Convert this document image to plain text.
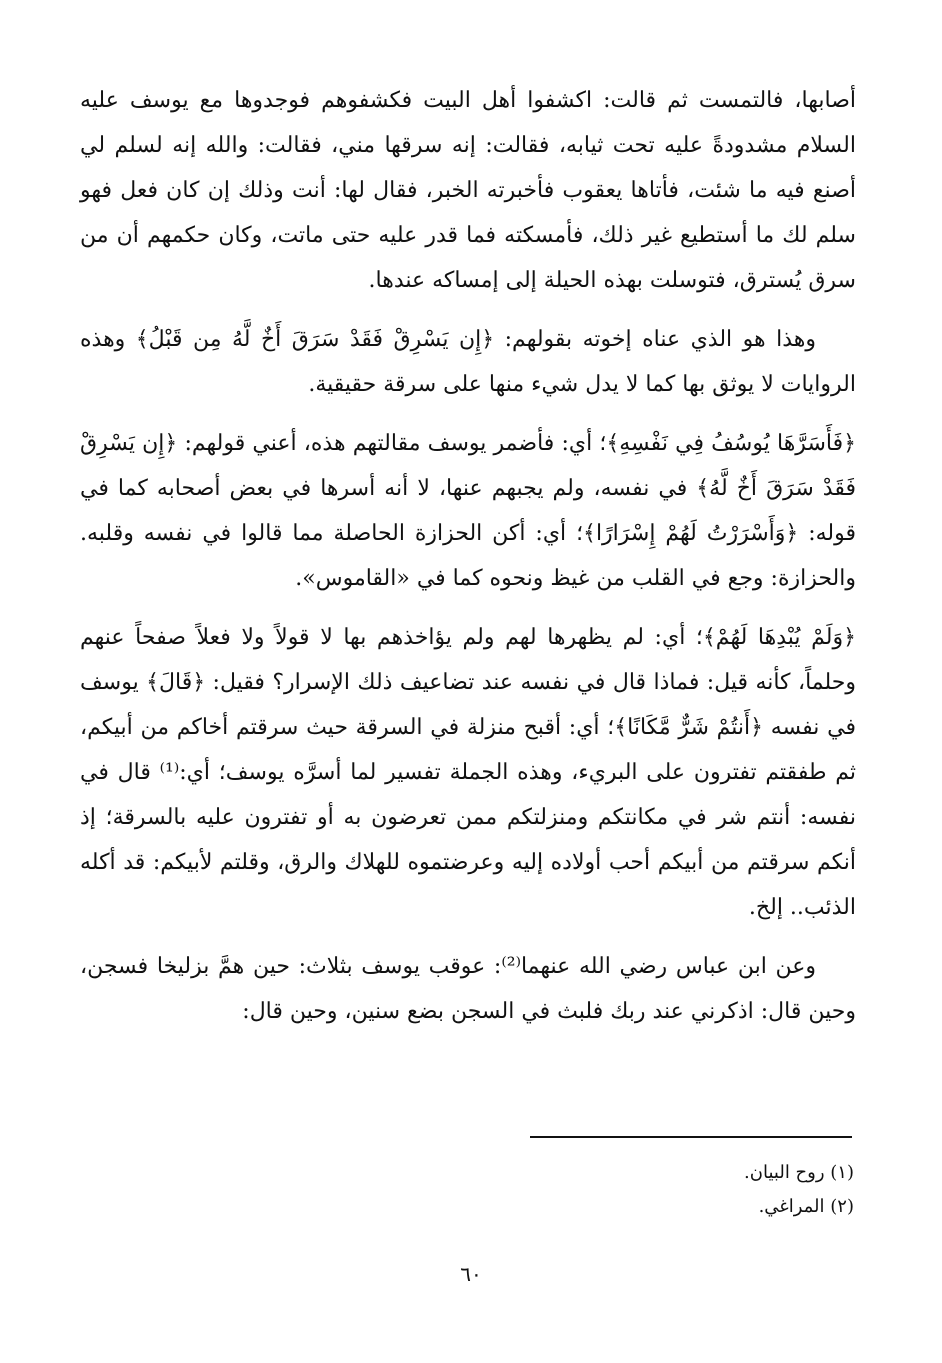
أصابها، فالتمست ثم قالت: اكشفوا أهل البيت فكشفوهم فوجدوها مع يوسف عليه السلام مشدودةً عليه تحت ثيابه، فقالت: إنه سرقها مني، فقالت: والله إنه لسلم لي أصنع فيه ما شئت، فأتاها يعقوب فأخبرته الخبر، فقال لها: أنت وذلك إن كان فعل فهو سلم لك ما أستطيع غير ذلك، فأمسكته فما قدر عليه حتى ماتت، وكان حكمهم أن من سرق يُسترق، فتوسلت بهذه الحيلة إلى إمساكه عندها.

وهذا هو الذي عناه إخوته بقولهم: ﴿إِن يَسْرِقْ فَقَدْ سَرَقَ أَخٌ لَّهُ مِن قَبْلُ﴾ وهذه الروايات لا يوثق بها كما لا يدل شيء منها على سرقة حقيقية.

﴿فَأَسَرَّهَا يُوسُفُ فِي نَفْسِهِ﴾؛ أي: فأضمر يوسف مقالتهم هذه، أعني قولهم: ﴿إِن يَسْرِقْ فَقَدْ سَرَقَ أَخٌ لَّهُ﴾ في نفسه، ولم يجبهم عنها، لا أنه أسرها في بعض أصحابه كما في قوله: ﴿وَأَسْرَرْتُ لَهُمْ إِسْرَارًا﴾؛ أي: أكن الحزازة الحاصلة مما قالوا في نفسه وقلبه. والحزازة: وجع في القلب من غيظ ونحوه كما في «القاموس».

﴿وَلَمْ يُبْدِهَا لَهُمْ﴾؛ أي: لم يظهرها لهم ولم يؤاخذهم بها لا قولاً ولا فعلاً صفحاً عنهم وحلماً، كأنه قيل: فماذا قال في نفسه عند تضاعيف ذلك الإسرار؟ فقيل: ﴿قَالَ﴾ يوسف في نفسه ﴿أَنتُمْ شَرٌّ مَّكَانًا﴾؛ أي: أقبح منزلة في السرقة حيث سرقتم أخاكم من أبيكم، ثم طفقتم تفترون على البريء، وهذه الجملة تفسير لما أسرَّه يوسف؛ أي:⁽¹⁾ قال في نفسه: أنتم شر في مكانتكم ومنزلتكم ممن تعرضون به أو تفترون عليه بالسرقة؛ إذ أنكم سرقتم من أبيكم أحب أولاده إليه وعرضتموه للهلاك والرق، وقلتم لأبيكم: قد أكله الذئب.. إلخ.

وعن ابن عباس رضي الله عنهما⁽²⁾: عوقب يوسف بثلاث: حين همَّ بزليخا فسجن، وحين قال: اذكرني عند ربك فلبث في السجن بضع سنين، وحين قال:

(١) روح البيان.

(٢) المراغي.

٦٠
